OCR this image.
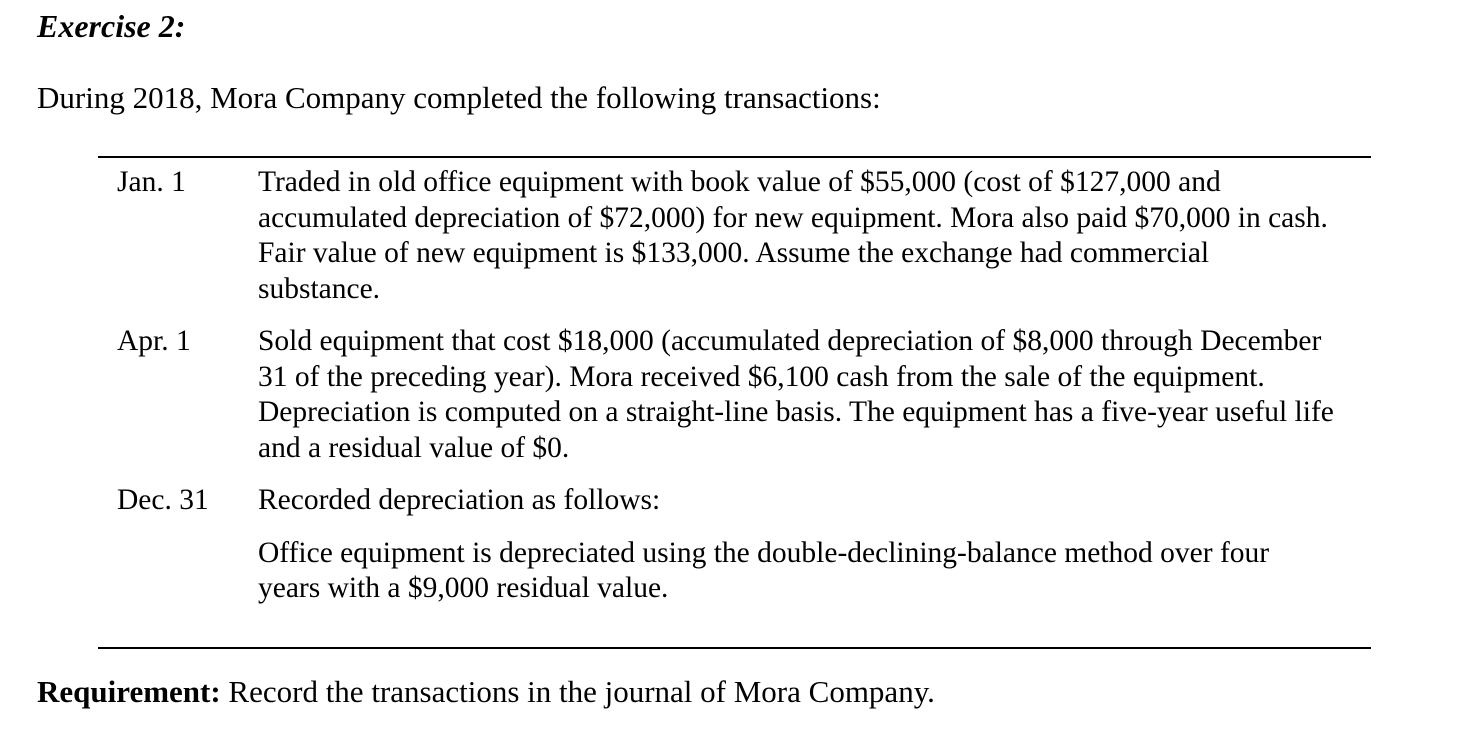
Exercise 2:

During 2018, Mora Company completed the following transactions:

Jan. 1	Traded in old office equipment with book value of $55,000 (cost of $127,000 and accumulated depreciation of $72,000) for new equipment. Mora also paid $70,000 in cash. Fair value of new equipment is $133,000. Assume the exchange had commercial substance.
Apr. 1	Sold equipment that cost $18,000 (accumulated depreciation of $8,000 through December 31 of the preceding year). Mora received $6,100 cash from the sale of the equipment. Depreciation is computed on a straight-line basis. The equipment has a five-year useful life and a residual value of $0.
Dec. 31	Recorded depreciation as follows:
Office equipment is depreciated using the double-declining-balance method over four years with a $9,000 residual value.

Requirement: Record the transactions in the journal of Mora Company.
